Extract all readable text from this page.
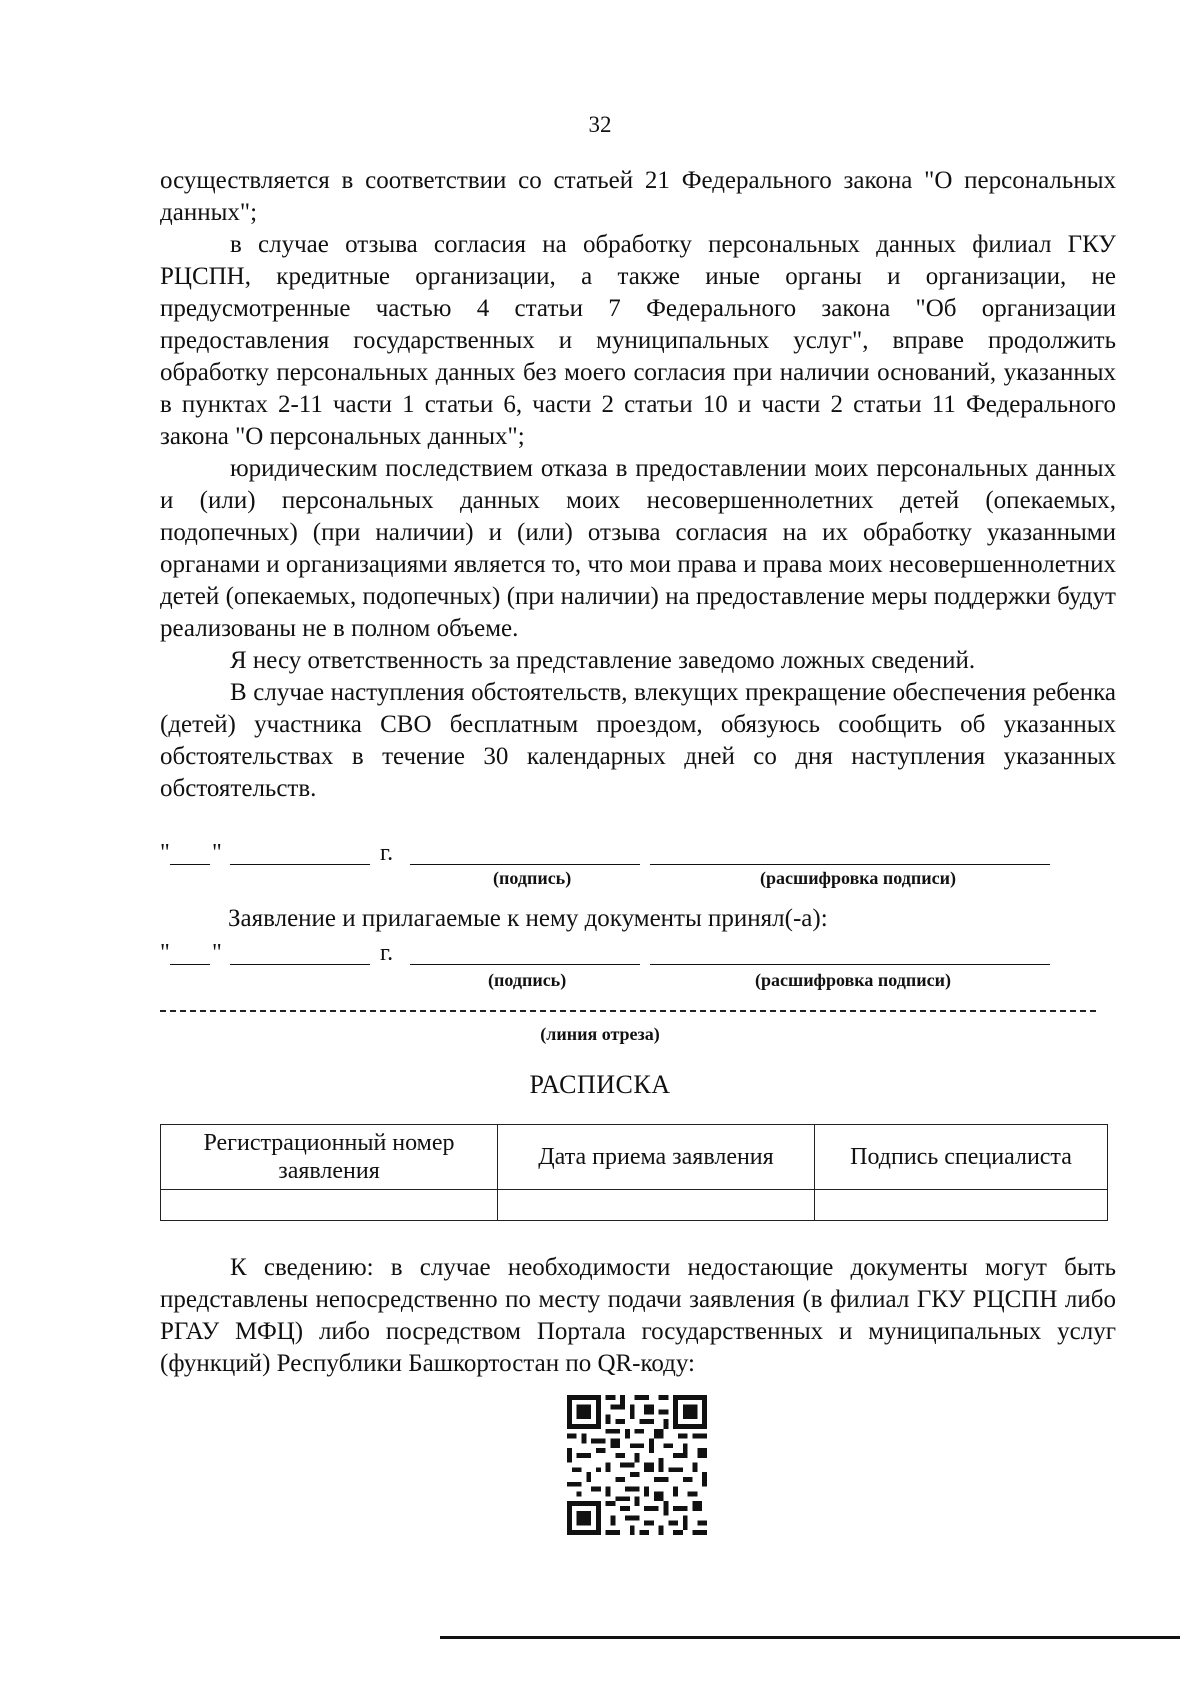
32

осуществляется в соответствии со статьей 21 Федерального закона "О персональных данных";

в случае отзыва согласия на обработку персональных данных филиал ГКУ РЦСПН, кредитные организации, а также иные органы и организации, не предусмотренные частью 4 статьи 7 Федерального закона "Об организации предоставления государственных и муниципальных услуг", вправе продолжить обработку персональных данных без моего согласия при наличии оснований, указанных в пунктах 2-11 части 1 статьи 6, части 2 статьи 10 и части 2 статьи 11 Федерального закона "О персональных данных";

юридическим последствием отказа в предоставлении моих персональных данных и (или) персональных данных моих несовершеннолетних детей (опекаемых, подопечных) (при наличии) и (или) отзыва согласия на их обработку указанными органами и организациями является то, что мои права и права моих несовершеннолетних детей (опекаемых, подопечных) (при наличии) на предоставление меры поддержки будут реализованы не в полном объеме.

Я несу ответственность за представление заведомо ложных сведений.

В случае наступления обстоятельств, влекущих прекращение обеспечения ребенка (детей) участника СВО бесплатным проездом, обязуюсь сообщить об указанных обстоятельствах в течение 30 календарных дней со дня наступления указанных обстоятельств.

" "	г.
(подпись)	(расшифровка подписи)
Заявление и прилагаемые к нему документы принял(-а):
" "	г.
(подпись)	(расшифровка подписи)
(линия отреза)
РАСПИСКА
Регистрационный номер заявления	Дата приема заявления	Подпись специалиста

К сведению: в случае необходимости недостающие документы могут быть представлены непосредственно по месту подачи заявления (в филиал ГКУ РЦСПН либо РГАУ МФЦ) либо посредством Портала государственных и муниципальных услуг (функций) Республики Башкортостан по QR-коду:
